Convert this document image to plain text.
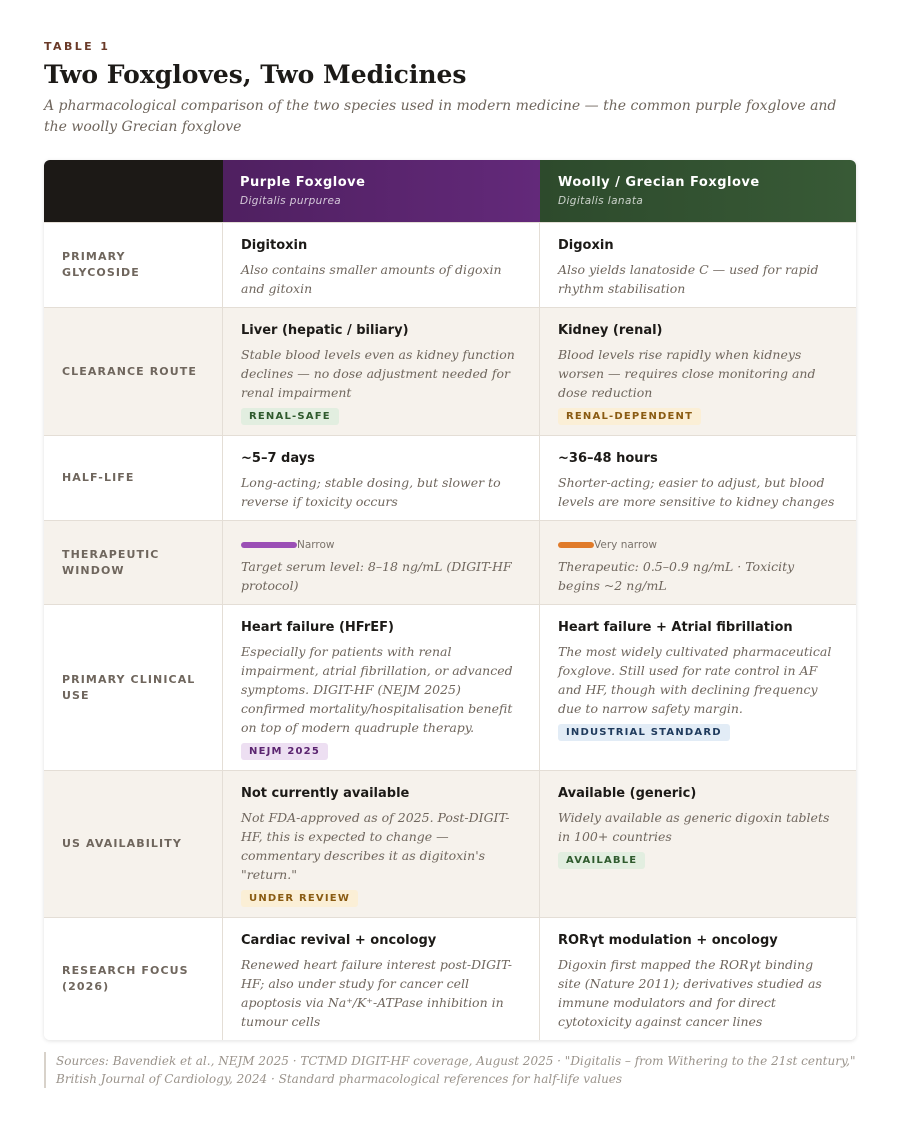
TABLE 1
Two Foxgloves, Two Medicines

A pharmacological comparison of the two species used in modern medicine — the common purple foxglove and the woolly Grecian foxglove

Purple Foxglove
Digitalis purpurea
Woolly / Grecian Foxglove
Digitalis lanata
PRIMARY GLYCOSIDE
Digitoxin
Also contains smaller amounts of digoxin and gitoxin
Digoxin
Also yields lanatoside C — used for rapid rhythm stabilisation
CLEARANCE ROUTE
Liver (hepatic / biliary)
Stable blood levels even as kidney function declines — no dose adjustment needed for renal impairment
RENAL-SAFE
Kidney (renal)
Blood levels rise rapidly when kidneys worsen — requires close monitoring and dose reduction
RENAL-DEPENDENT
HALF-LIFE
~5–7 days
Long-acting; stable dosing, but slower to reverse if toxicity occurs
~36–48 hours
Shorter-acting; easier to adjust, but blood levels are more sensitive to kidney changes
THERAPEUTIC WINDOW
Narrow
Target serum level: 8–18 ng/mL (DIGIT-HF protocol)
Very narrow
Therapeutic: 0.5–0.9 ng/mL · Toxicity begins ~2 ng/mL
PRIMARY CLINICAL USE
Heart failure (HFrEF)
Especially for patients with renal impairment, atrial fibrillation, or advanced symptoms. DIGIT-HF (NEJM 2025) confirmed mortality/hospitalisation benefit on top of modern quadruple therapy.
NEJM 2025
Heart failure + Atrial fibrillation
The most widely cultivated pharmaceutical foxglove. Still used for rate control in AF and HF, though with declining frequency due to narrow safety margin.
INDUSTRIAL STANDARD
US AVAILABILITY
Not currently available
Not FDA-approved as of 2025. Post-DIGIT-HF, this is expected to change — commentary describes it as digitoxin's "return."
UNDER REVIEW
Available (generic)
Widely available as generic digoxin tablets in 100+ countries
AVAILABLE
RESEARCH FOCUS (2026)
Cardiac revival + oncology
Renewed heart failure interest post-DIGIT-HF; also under study for cancer cell apoptosis via Na⁺/K⁺-ATPase inhibition in tumour cells
RORγt modulation + oncology
Digoxin first mapped the RORγt binding site (Nature 2011); derivatives studied as immune modulators and for direct cytotoxicity against cancer lines

Sources: Bavendiek et al., NEJM 2025 · TCTMD DIGIT-HF coverage, August 2025 · "Digitalis – from Withering to the 21st century," British Journal of Cardiology, 2024 · Standard pharmacological references for half-life values
